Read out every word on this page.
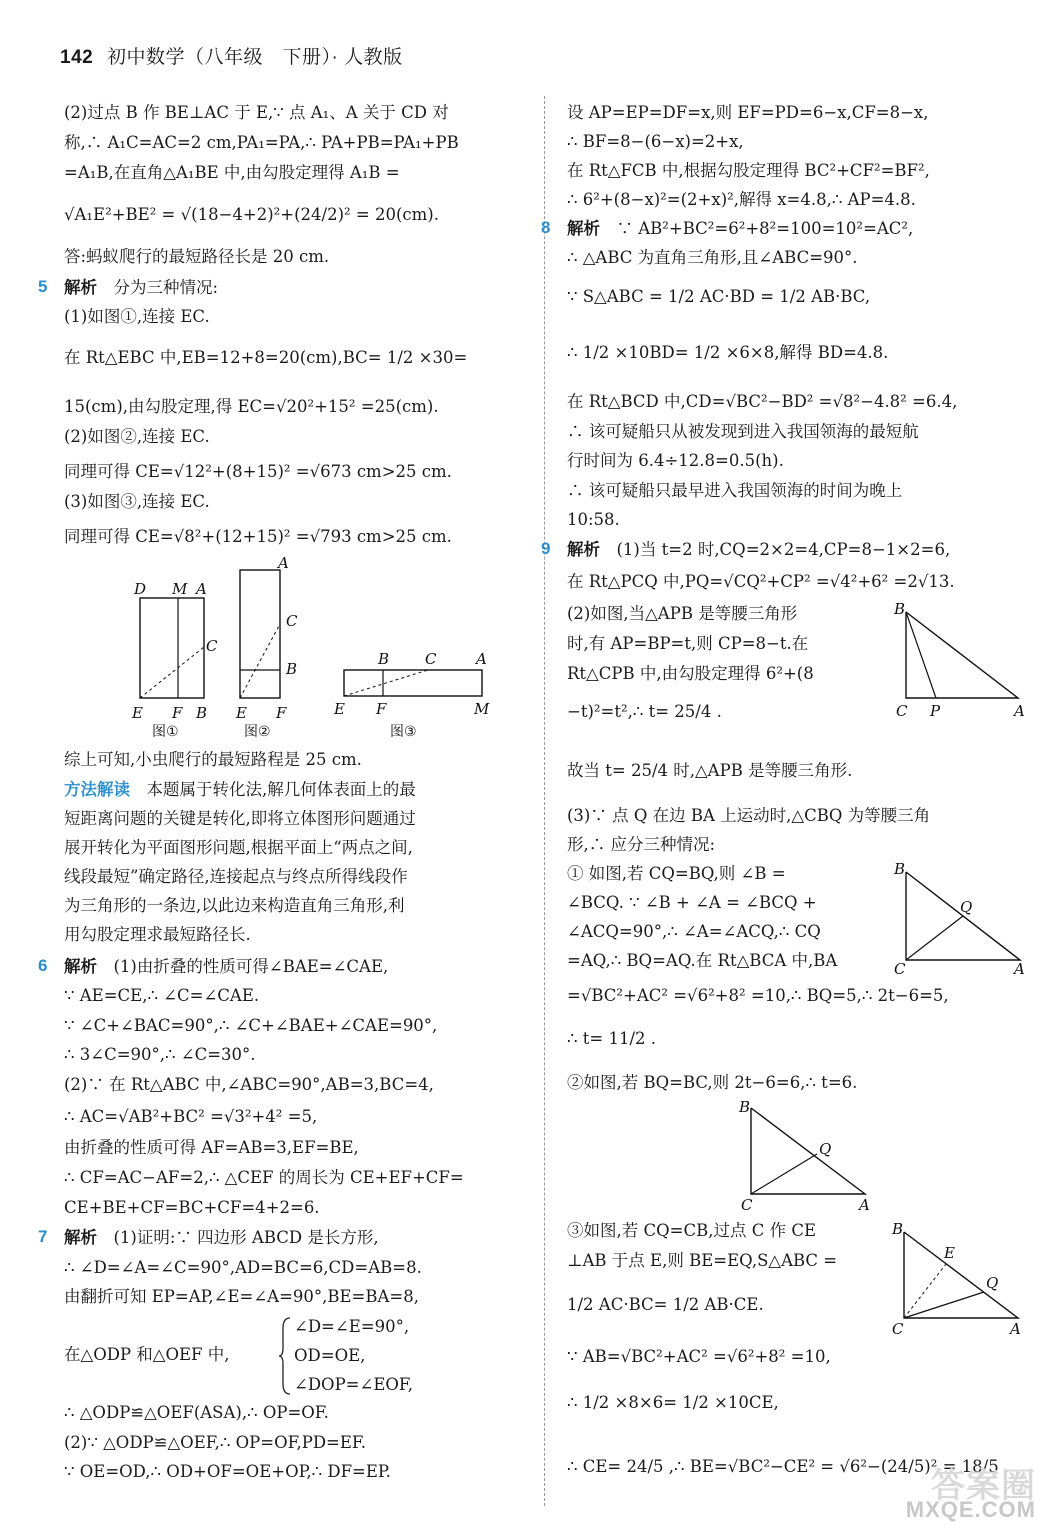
142 初中数学（八年级　下册）· 人教版
(2)过点 B 作 BE⊥AC 于 E,∵ 点 A₁、A 关于 CD 对
称,∴ A₁C=AC=2 cm,PA₁=PA,∴ PA+PB=PA₁+PB
=A₁B,在直角△A₁BE 中,由勾股定理得 A₁B =
√A₁E²+BE² = √(18−4+2)²+(24/2)² = 20(cm).
答:蚂蚁爬行的最短路径长是 20 cm.
解析　分为三种情况:
(1)如图①,连接 EC.
在 Rt△EBC 中,EB=12+8=20(cm),BC= 1/2 ×30=
15(cm),由勾股定理,得 EC=√20²+15² =25(cm).
(2)如图②,连接 EC.
同理可得 CE=√12²+(8+15)² =√673 cm>25 cm.
(3)如图③,连接 EC.
同理可得 CE=√8²+(12+15)² =√793 cm>25 cm.
综上可知,小虫爬行的最短路程是 25 cm.
方法解读　本题属于转化法,解几何体表面上的最
短距离问题的关键是转化,即将立体图形问题通过
展开转化为平面图形问题,根据平面上“两点之间,
线段最短”确定路径,连接起点与终点所得线段作
为三角形的一条边,以此边来构造直角三角形,利
用勾股定理求最短路径长.
解析　(1)由折叠的性质可得∠BAE=∠CAE,
∵ AE=CE,∴ ∠C=∠CAE.
∵ ∠C+∠BAC=90°,∴ ∠C+∠BAE+∠CAE=90°,
∴ 3∠C=90°,∴ ∠C=30°.
(2)∵ 在 Rt△ABC 中,∠ABC=90°,AB=3,BC=4,
∴ AC=√AB²+BC² =√3²+4² =5,
由折叠的性质可得 AF=AB=3,EF=BE,
∴ CF=AC−AF=2,∴ △CEF 的周长为 CE+EF+CF=
CE+BE+CF=BC+CF=4+2=6.
解析　(1)证明:∵ 四边形 ABCD 是长方形,
∴ ∠D=∠A=∠C=90°,AD=BC=6,CD=AB=8.
由翻折可知 EP=AP,∠E=∠A=90°,BE=BA=8,
在△ODP 和△OEF 中,
∴ △ODP≌△OEF(ASA),∴ OP=OF.
(2)∵ △ODP≌△OEF,∴ OP=OF,PD=EF.
∵ OE=OD,∴ OD+OF=OE+OP,∴ DF=EP.
5
6
7
设 AP=EP=DF=x,则 EF=PD=6−x,CF=8−x,
∴ BF=8−(6−x)=2+x,
在 Rt△FCB 中,根据勾股定理得 BC²+CF²=BF²,
∴ 6²+(8−x)²=(2+x)²,解得 x=4.8,∴ AP=4.8.
解析　∵ AB²+BC²=6²+8²=100=10²=AC²,
∴ △ABC 为直角三角形,且∠ABC=90°.
∵ S△ABC = 1/2 AC·BD = 1/2 AB·BC,
∴ 1/2 ×10BD= 1/2 ×6×8,解得 BD=4.8.
在 Rt△BCD 中,CD=√BC²−BD² =√8²−4.8² =6.4,
∴ 该可疑船只从被发现到进入我国领海的最短航
行时间为 6.4÷12.8=0.5(h).
∴ 该可疑船只最早进入我国领海的时间为晚上
10:58.
解析　(1)当 t=2 时,CQ=2×2=4,CP=8−1×2=6,
在 Rt△PCQ 中,PQ=√CQ²+CP² =√4²+6² =2√13.
(2)如图,当△APB 是等腰三角形
时,有 AP=BP=t,则 CP=8−t.在
Rt△CPB 中,由勾股定理得 6²+(8
−t)²=t²,∴ t= 25/4 .
故当 t= 25/4 时,△APB 是等腰三角形.
(3)∵ 点 Q 在边 BA 上运动时,△CBQ 为等腰三角
形,∴ 应分三种情况:
① 如图,若 CQ=BQ,则 ∠B =
∠BCQ. ∵ ∠B + ∠A = ∠BCQ +
∠ACQ=90°,∴ ∠A=∠ACQ,∴ CQ
=AQ,∴ BQ=AQ.在 Rt△BCA 中,BA
=√BC²+AC² =√6²+8² =10,∴ BQ=5,∴ 2t−6=5,
∴ t= 11/2 .
②如图,若 BQ=BC,则 2t−6=6,∴ t=6.
③如图,若 CQ=CB,过点 C 作 CE
⊥AB 于点 E,则 BE=EQ,S△ABC =
1/2 AC·BC= 1/2 AB·CE.
∵ AB=√BC²+AC² =√6²+8² =10,
∴ 1/2 ×8×6= 1/2 ×10CE,
∴ CE= 24/5 ,∴ BE=√BC²−CE² = √6²−(24/5)² = 18/5 ,
8
9
∠D=∠E=90°,
OD=OE,
∠DOP=∠EOF,
D M A
C
E F B
图①
A
C
B
E F
图②
B C	A
E F	M
图③
B
C P	A
B
Q
C	A
B
Q
C	A
B
E
Q
C	A
答案圈
MXQE.COM
